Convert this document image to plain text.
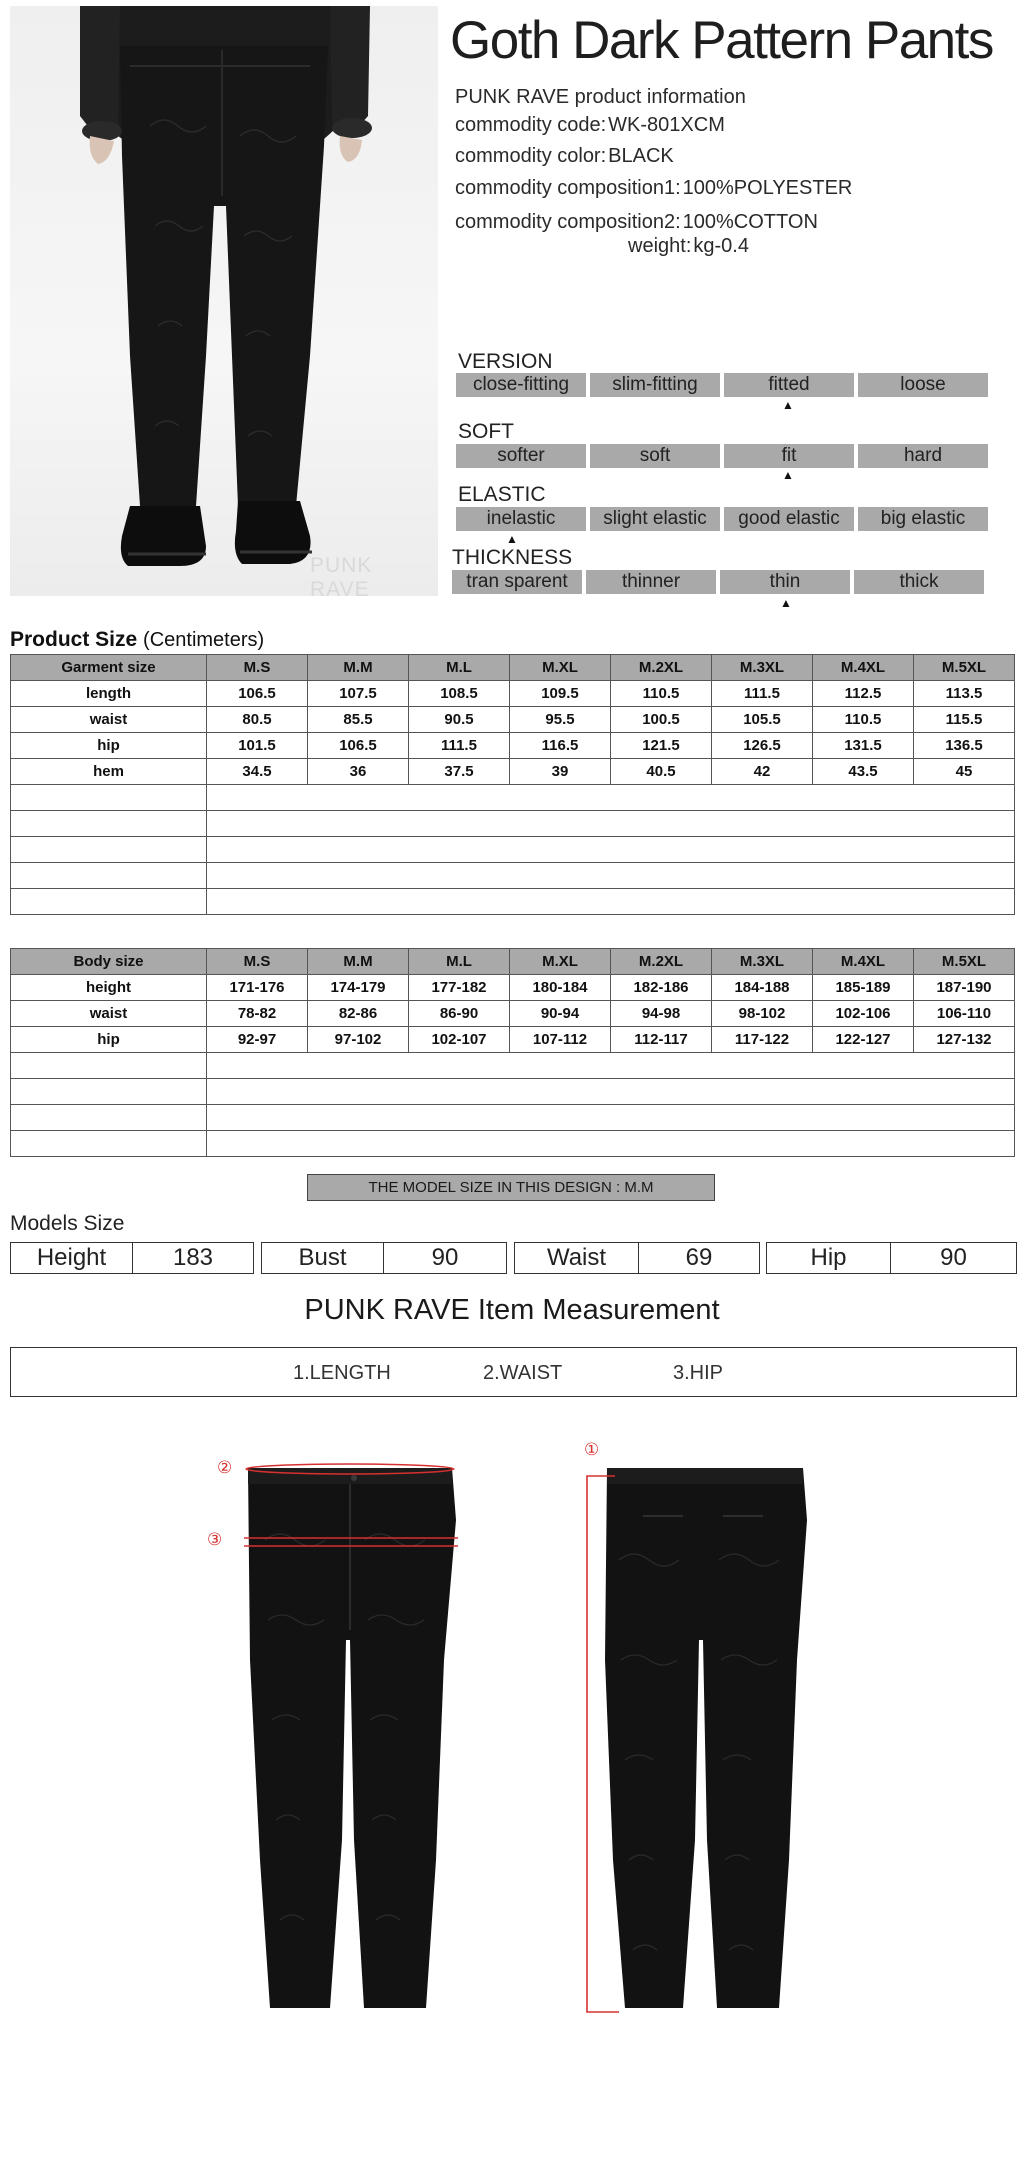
PUNK RAVE
Goth Dark Pattern Pants
PUNK RAVE product information
commodity code: WK-801XCM
commodity color: BLACK
commodity composition1: 100%POLYESTER
commodity composition2: 100%COTTON
weight: kg-0.4
VERSION
close-fitting	slim-fitting	fitted	loose
▲
SOFT
softer	soft	fit	hard
▲
ELASTIC
inelastic	slight elastic	good elastic	big elastic
▲
THICKNESS
tran sparent	thinner	thin	thick
▲
Product Size (Centimeters)
Garment size	M.S	M.M	M.L	M.XL	M.2XL	M.3XL	M.4XL	M.5XL
length	106.5	107.5	108.5	109.5	110.5	111.5	112.5	113.5
waist	80.5	85.5	90.5	95.5	100.5	105.5	110.5	115.5
hip	101.5	106.5	111.5	116.5	121.5	126.5	131.5	136.5
hem	34.5	36	37.5	39	40.5	42	43.5	45

Body size	M.S	M.M	M.L	M.XL	M.2XL	M.3XL	M.4XL	M.5XL
height	171-176	174-179	177-182	180-184	182-186	184-188	185-189	187-190
waist	78-82	82-86	86-90	90-94	94-98	98-102	102-106	106-110
hip	92-97	97-102	102-107	107-112	112-117	117-122	122-127	127-132

THE MODEL SIZE IN THIS DESIGN : M.M
Models Size
Height	183	Bust	90	Waist	69	Hip	90
PUNK RAVE Item Measurement
1.LENGTH	2.WAIST	3.HIP
②
③
①
